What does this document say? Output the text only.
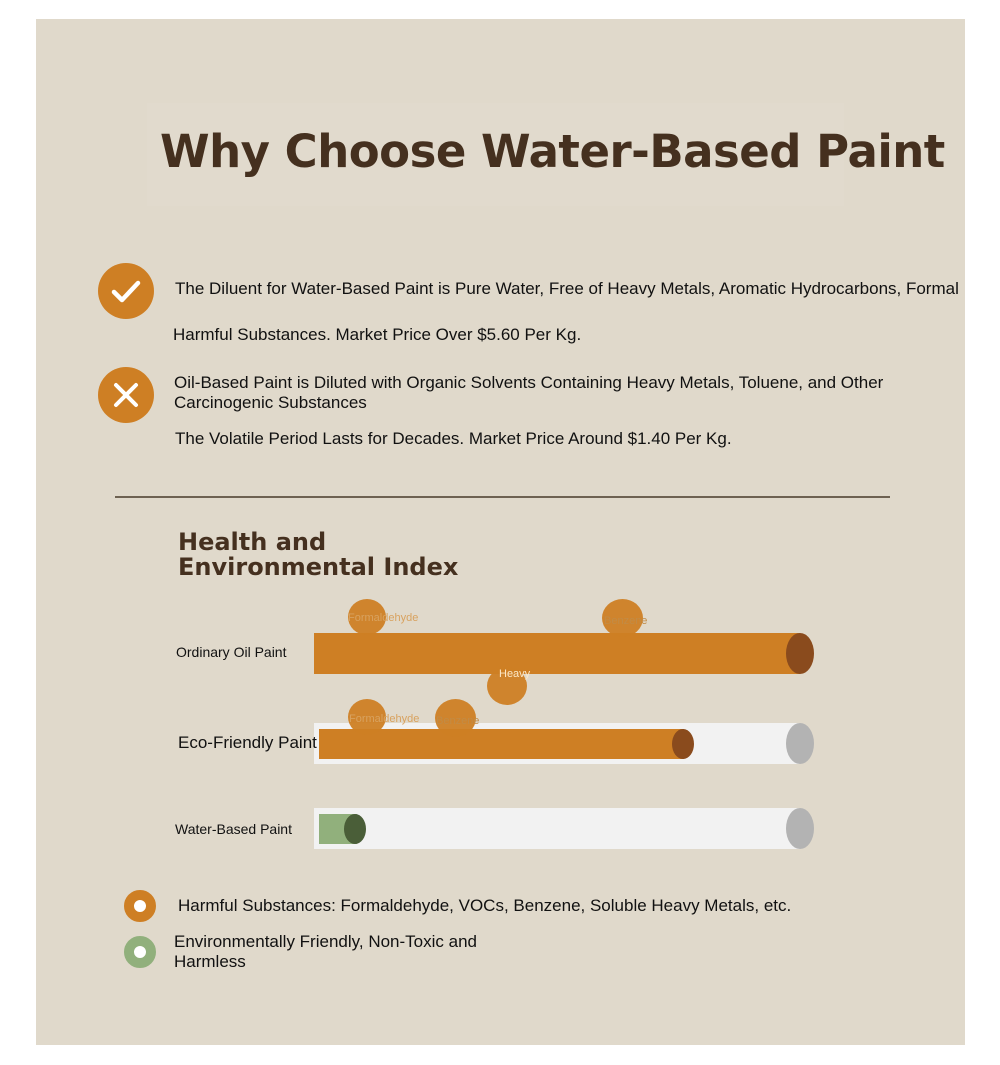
Why Choose Water-Based Paint
The Diluent for Water-Based Paint is Pure Water, Free of Heavy Metals, Aromatic Hydrocarbons, Formal
Harmful Substances. Market Price Over $5.60 Per Kg.
Oil-Based Paint is Diluted with Organic Solvents Containing Heavy Metals, Toluene, and Other
Carcinogenic Substances
The Volatile Period Lasts for Decades. Market Price Around $1.40 Per Kg.
Health and
Environmental Index
Ordinary Oil Paint
Eco-Friendly Paint
Water-Based Paint
Formaldehyde	Benzene
Heavy
Formaldehyde Benzene
Harmful Substances: Formaldehyde, VOCs, Benzene, Soluble Heavy Metals, etc.
Environmentally Friendly, Non-Toxic and
Harmless
